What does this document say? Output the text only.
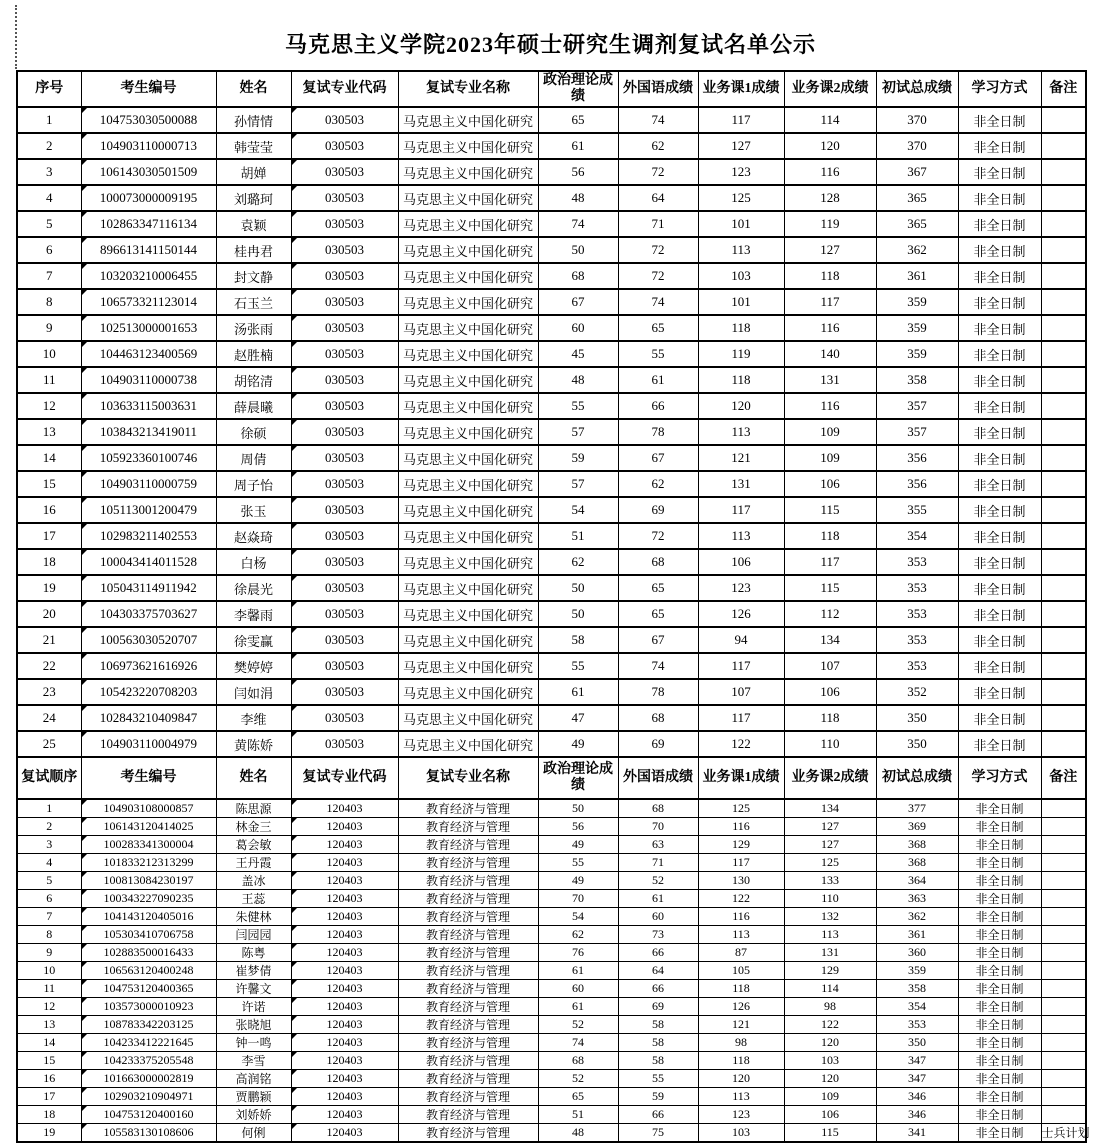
马克思主义学院2023年硕士研究生调剂复试名单公示
序号	考生编号	姓名	复试专业代码	复试专业名称	政治理论成绩	外国语成绩	业务课1成绩	业务课2成绩	初试总成绩	学习方式	备注
1	104753030500088	孙情情	030503	马克思主义中国化研究	65	74	117	114	370	非全日制	
2	104903110000713	韩莹莹	030503	马克思主义中国化研究	61	62	127	120	370	非全日制	
3	106143030501509	胡婵	030503	马克思主义中国化研究	56	72	123	116	367	非全日制	
4	100073000009195	刘璐珂	030503	马克思主义中国化研究	48	64	125	128	365	非全日制	
5	102863347116134	袁颖	030503	马克思主义中国化研究	74	71	101	119	365	非全日制	
6	896613141150144	桂冉君	030503	马克思主义中国化研究	50	72	113	127	362	非全日制	
7	103203210006455	封文静	030503	马克思主义中国化研究	68	72	103	118	361	非全日制	
8	106573321123014	石玉兰	030503	马克思主义中国化研究	67	74	101	117	359	非全日制	
9	102513000001653	汤张雨	030503	马克思主义中国化研究	60	65	118	116	359	非全日制	
10	104463123400569	赵胜楠	030503	马克思主义中国化研究	45	55	119	140	359	非全日制	
11	104903110000738	胡铭清	030503	马克思主义中国化研究	48	61	118	131	358	非全日制	
12	103633115003631	薛晨曦	030503	马克思主义中国化研究	55	66	120	116	357	非全日制	
13	103843213419011	徐硕	030503	马克思主义中国化研究	57	78	113	109	357	非全日制	
14	105923360100746	周倩	030503	马克思主义中国化研究	59	67	121	109	356	非全日制	
15	104903110000759	周子怡	030503	马克思主义中国化研究	57	62	131	106	356	非全日制	
16	105113001200479	张玉	030503	马克思主义中国化研究	54	69	117	115	355	非全日制	
17	102983211402553	赵焱琦	030503	马克思主义中国化研究	51	72	113	118	354	非全日制	
18	100043414011528	白杨	030503	马克思主义中国化研究	62	68	106	117	353	非全日制	
19	105043114911942	徐晨光	030503	马克思主义中国化研究	50	65	123	115	353	非全日制	
20	104303375703627	李馨雨	030503	马克思主义中国化研究	50	65	126	112	353	非全日制	
21	100563030520707	徐雯赢	030503	马克思主义中国化研究	58	67	94	134	353	非全日制	
22	106973621616926	樊婷婷	030503	马克思主义中国化研究	55	74	117	107	353	非全日制	
23	105423220708203	闫如涓	030503	马克思主义中国化研究	61	78	107	106	352	非全日制	
24	102843210409847	李维	030503	马克思主义中国化研究	47	68	117	118	350	非全日制	
25	104903110004979	黄陈娇	030503	马克思主义中国化研究	49	69	122	110	350	非全日制	
复试顺序	考生编号	姓名	复试专业代码	复试专业名称	政治理论成绩	外国语成绩	业务课1成绩	业务课2成绩	初试总成绩	学习方式	备注
1	104903108000857	陈思源	120403	教育经济与管理	50	68	125	134	377	非全日制	
2	106143120414025	林金三	120403	教育经济与管理	56	70	116	127	369	非全日制	
3	100283341300004	葛会敏	120403	教育经济与管理	49	63	129	127	368	非全日制	
4	101833212313299	王丹霞	120403	教育经济与管理	55	71	117	125	368	非全日制	
5	100813084230197	盖冰	120403	教育经济与管理	49	52	130	133	364	非全日制	
6	100343227090235	王蕊	120403	教育经济与管理	70	61	122	110	363	非全日制	
7	104143120405016	朱健林	120403	教育经济与管理	54	60	116	132	362	非全日制	
8	105303410706758	闫园园	120403	教育经济与管理	62	73	113	113	361	非全日制	
9	102883500016433	陈粤	120403	教育经济与管理	76	66	87	131	360	非全日制	
10	106563120400248	崔梦倩	120403	教育经济与管理	61	64	105	129	359	非全日制	
11	104753120400365	许馨文	120403	教育经济与管理	60	66	118	114	358	非全日制	
12	103573000010923	许诺	120403	教育经济与管理	61	69	126	98	354	非全日制	
13	108783342203125	张晓旭	120403	教育经济与管理	52	58	121	122	353	非全日制	
14	104233412221645	钟一鸣	120403	教育经济与管理	74	58	98	120	350	非全日制	
15	104233375205548	李雪	120403	教育经济与管理	68	58	118	103	347	非全日制	
16	101663000002819	高润铭	120403	教育经济与管理	52	55	120	120	347	非全日制	
17	102903210904971	贾鹏颖	120403	教育经济与管理	65	59	113	109	346	非全日制	
18	104753120400160	刘娇娇	120403	教育经济与管理	51	66	123	106	346	非全日制	
19	105583130108606	何俐	120403	教育经济与管理	48	75	103	115	341	非全日制	士兵计划
